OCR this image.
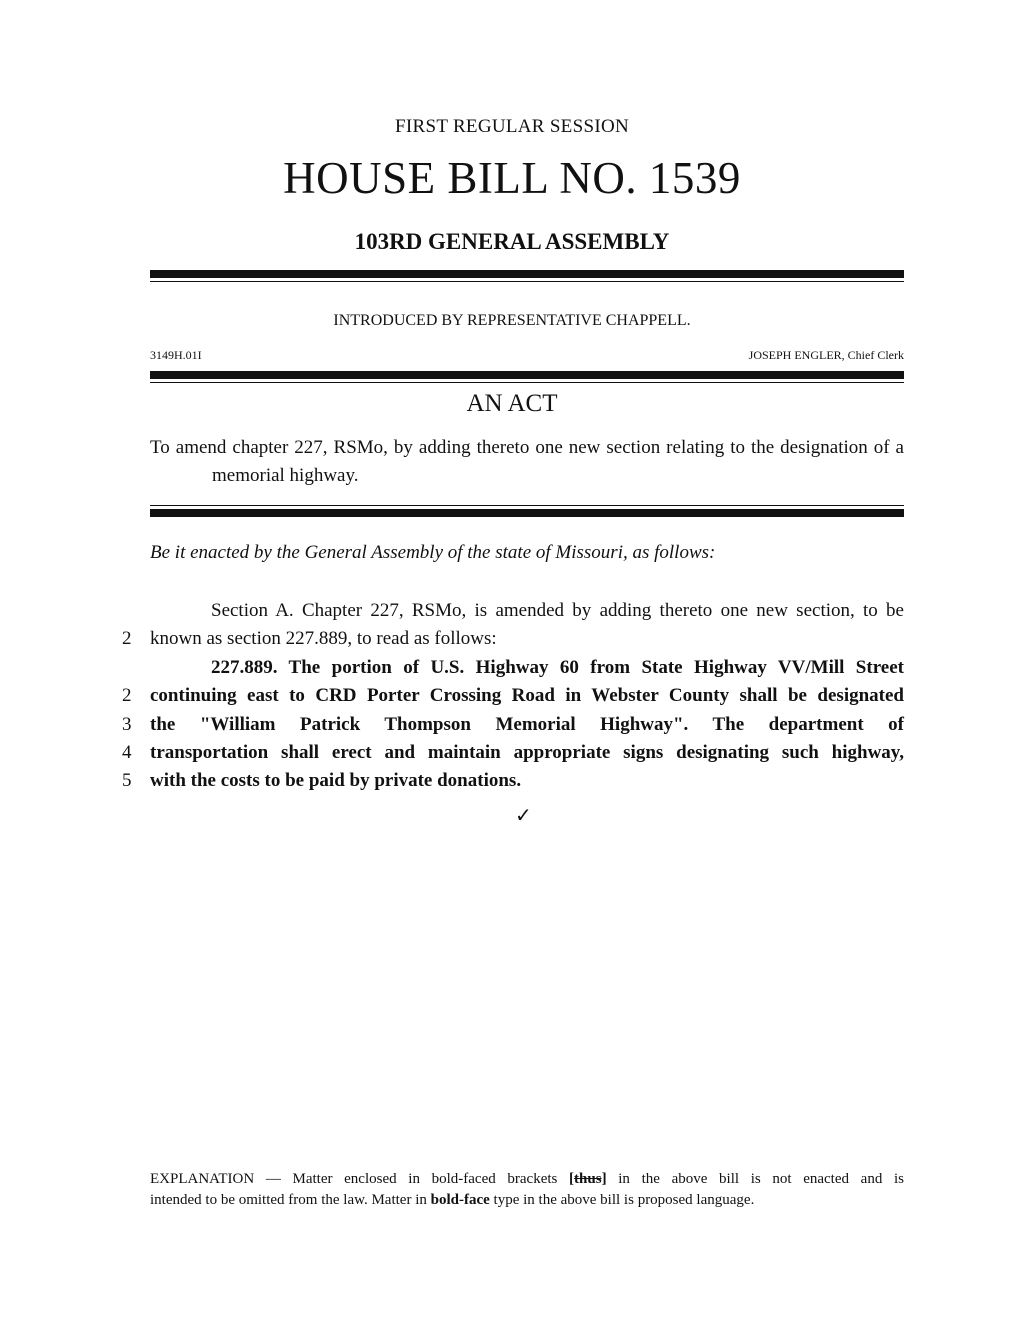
FIRST REGULAR SESSION
HOUSE BILL NO. 1539
103RD GENERAL ASSEMBLY
INTRODUCED BY REPRESENTATIVE CHAPPELL.
3149H.01I	JOSEPH ENGLER, Chief Clerk
AN ACT
To amend chapter 227, RSMo, by adding thereto one new section relating to the designation of a memorial highway.
Be it enacted by the General Assembly of the state of Missouri, as follows:
Section A. Chapter 227, RSMo, is amended by adding thereto one new section, to be
2 known as section 227.889, to read as follows:
227.889. The portion of U.S. Highway 60 from State Highway VV/Mill Street
2 continuing east to CRD Porter Crossing Road in Webster County shall be designated
3 the "William Patrick Thompson Memorial Highway". The department of
4 transportation shall erect and maintain appropriate signs designating such highway,
5 with the costs to be paid by private donations.
✓
EXPLANATION — Matter enclosed in bold-faced brackets [thus] in the above bill is not enacted and is
intended to be omitted from the law. Matter in bold-face type in the above bill is proposed language.
